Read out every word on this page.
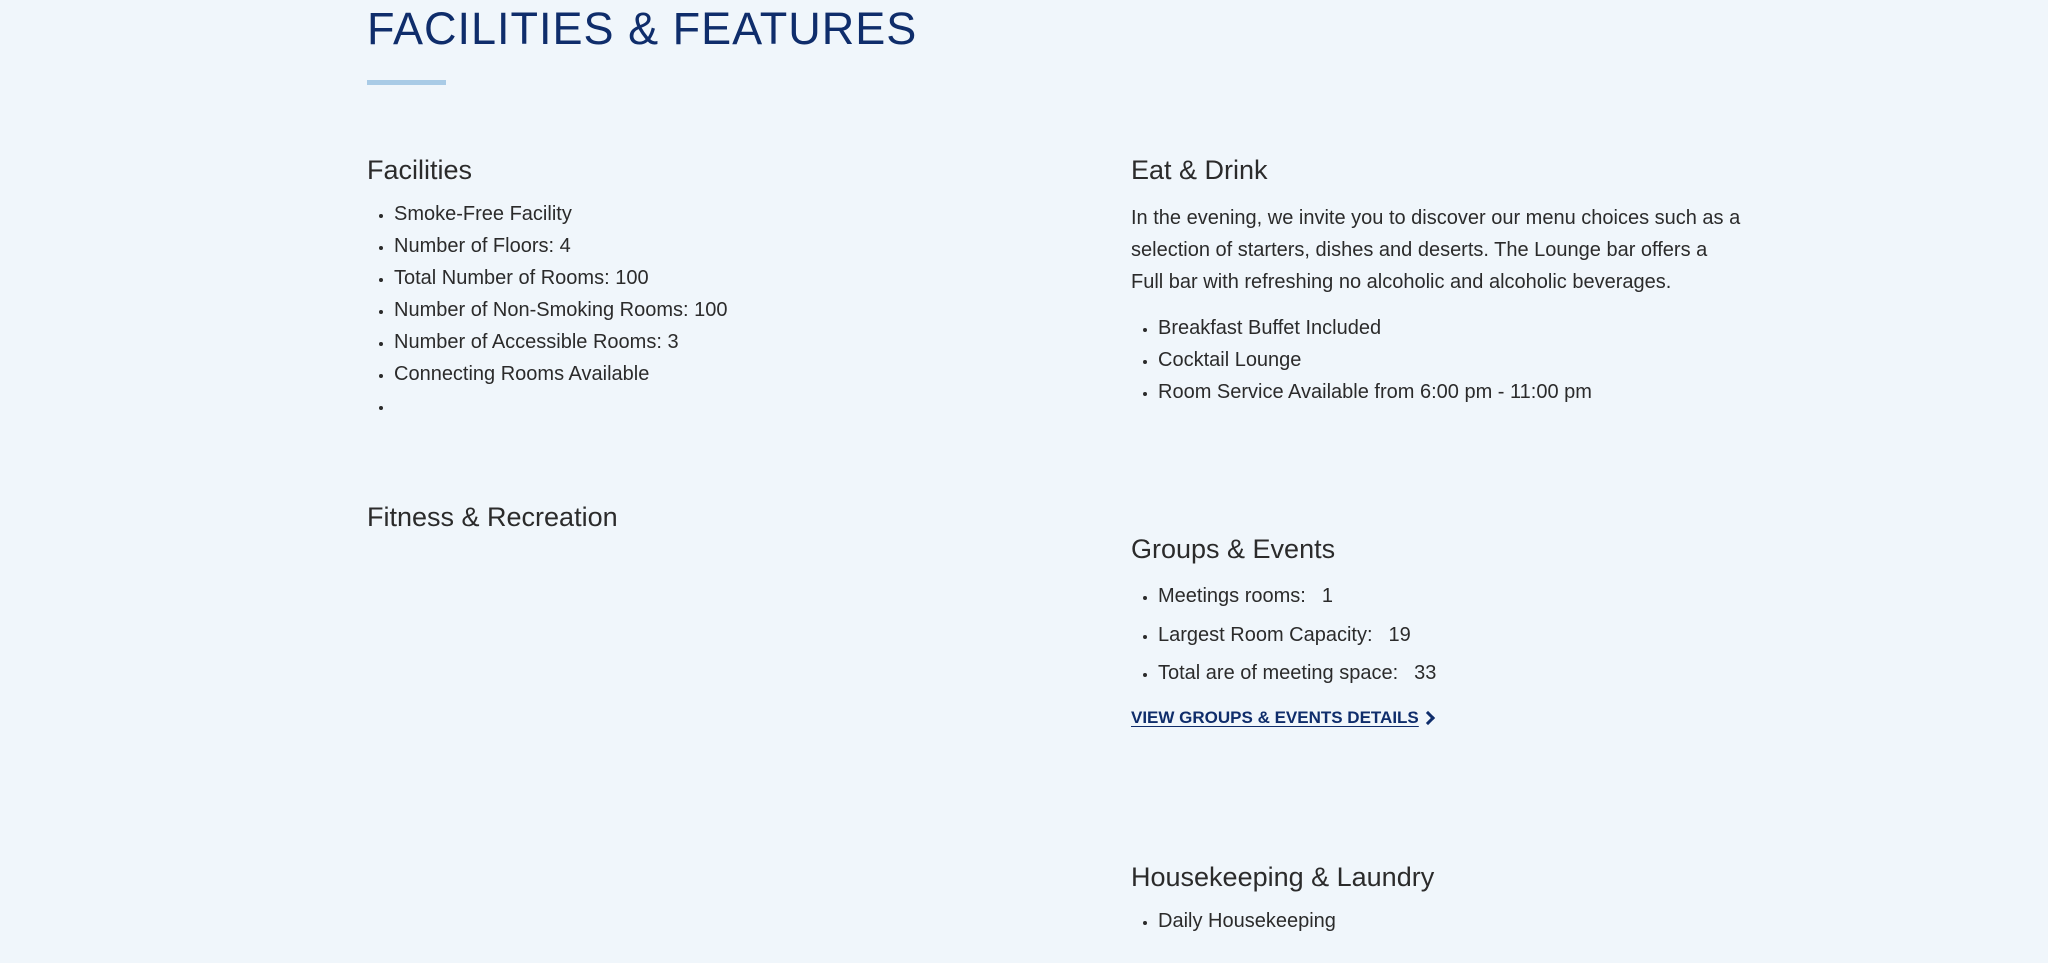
FACILITIES & FEATURES
Facilities
• Smoke-Free Facility
• Number of Floors: 4
• Total Number of Rooms: 100
• Number of Non-Smoking Rooms: 100
• Number of Accessible Rooms: 3
• Connecting Rooms Available
•
Fitness & Recreation
Eat & Drink

In the evening, we invite you to discover our menu choices such as a selection of starters, dishes and deserts. The Lounge bar offers a Full bar with refreshing no alcoholic and alcoholic beverages.

• Breakfast Buffet Included
• Cocktail Lounge
• Room Service Available from 6:00 pm - 11:00 pm
Groups & Events
• Meetings rooms: 1
• Largest Room Capacity: 19
• Total are of meeting space: 33
VIEW GROUPS & EVENTS DETAILS
Housekeeping & Laundry
• Daily Housekeeping
